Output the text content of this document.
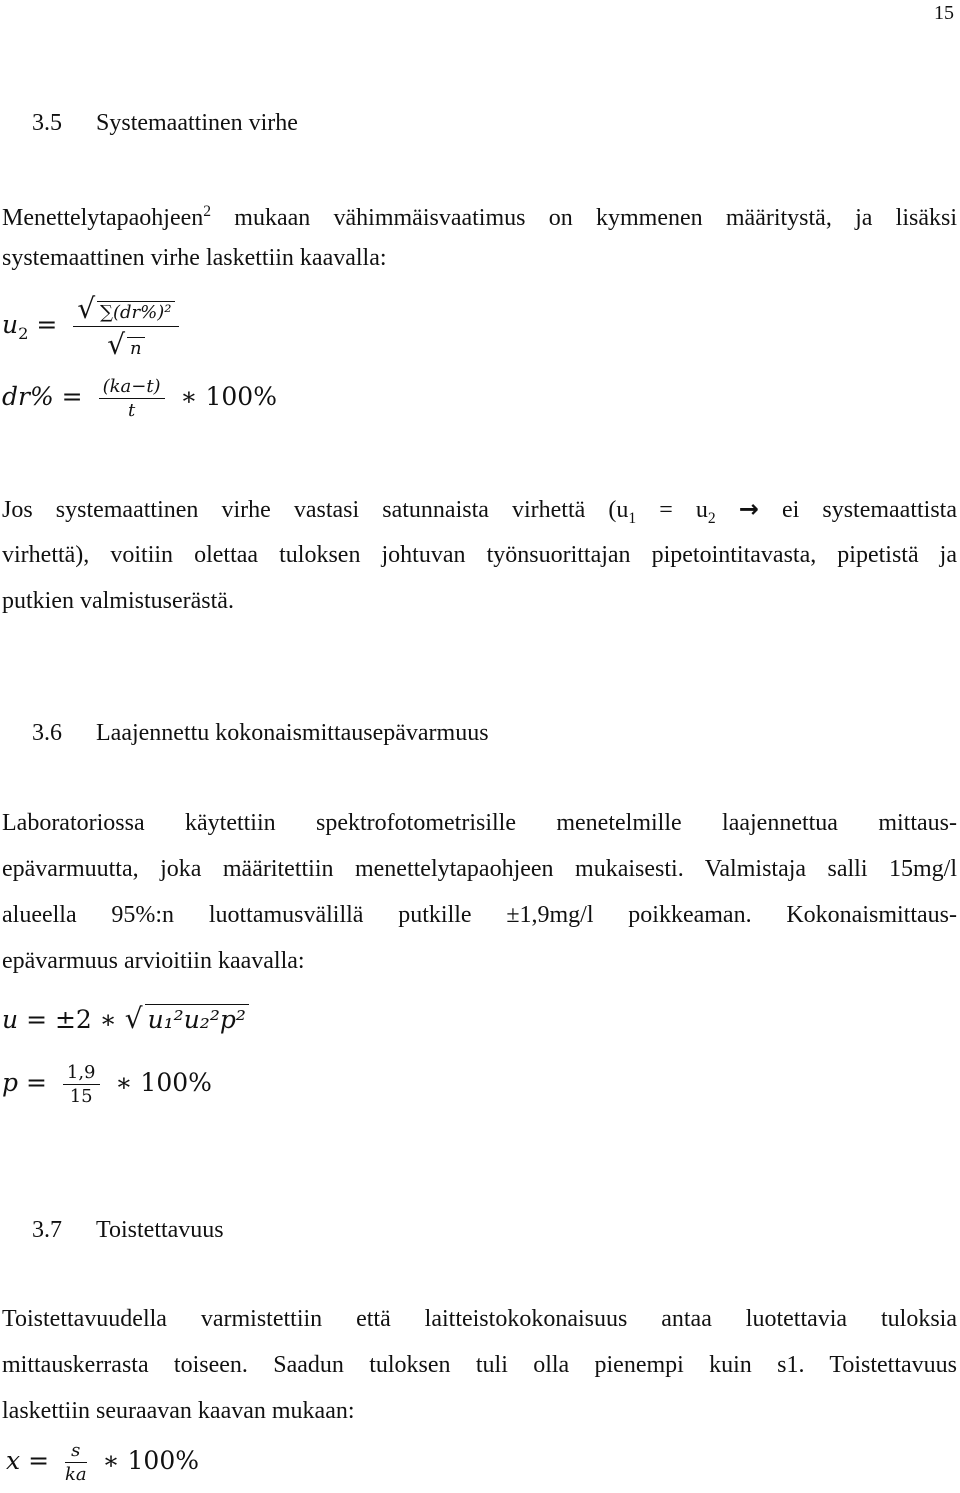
15
3.5 Systemaattinen virhe
Menettelytapaohjeen$^2$ mukaan vähimmäisvaatimus on kymmenen määritystä, ja lisäksi
systemaattinen virhe laskettiin kaavalla:
$u_2 = \frac{\text{√ ∑(dr\%)²}}{√ n}$
$dr\% = \frac{(ka-t)}{t}$ ∗ 100%
Jos systemaattinen virhe vastasi satunnaista virhettä ($u_1 = u_2$ → ei systemaattista
virhettä), voitiin olettaa tuloksen johtuvan työnsuorittajan pipetointitavasta, pipetistä ja
putkien valmistuserästä.
3.6 Laajennettu kokonaismittausepävarmuus
Laboratoriossa käytettiin spektrofotometrisille menetelmille laajennettua mittaus-
epävarmuutta, joka määritettiin menettelytapaohjeen mukaisesti. Valmistaja salli 15mg/l
alueella 95%:n luottamusvälillä putkille ±1,9mg/l poikkeaman. Kokonaismittaus-
epävarmuus arvioitiin kaavalla:
u = ±2 ∗ √ u₁²u₂²p²
$p = \frac{1,9}{15}$ ∗ 100%
3.7 Toistettavuus
Toistettavuudella varmistettiin että laitteistokokonaisuus antaa luotettavia tuloksia
mittauskerrasta toiseen. Saadun tuloksen tuli olla pienempi kuin s1. Toistettavuus
laskettiin seuraavan kaavan mukaan:
$x = \frac{s}{ka}$ ∗ 100%
